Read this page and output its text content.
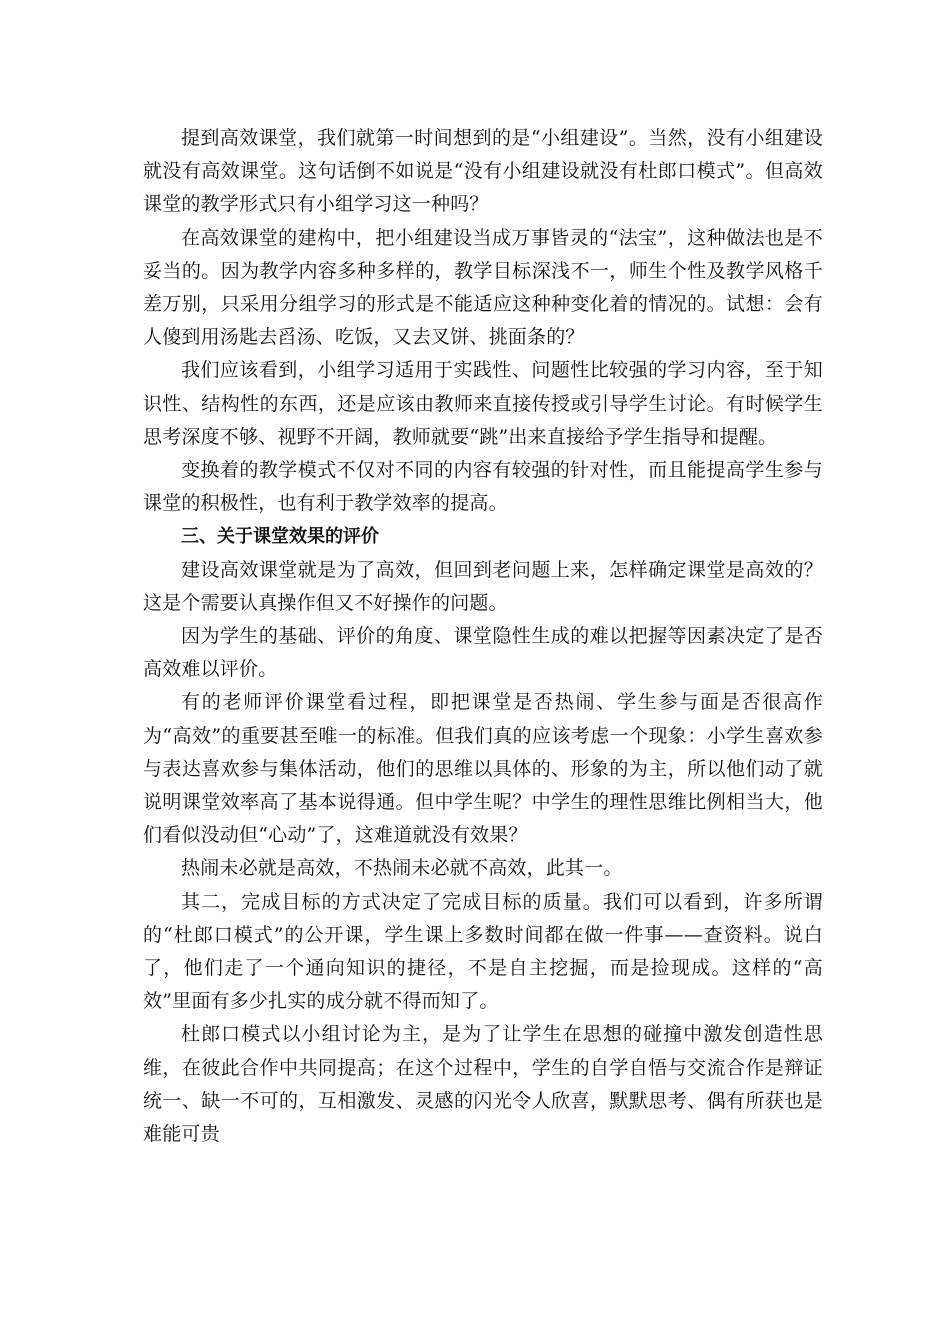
提到高效课堂，我们就第一时间想到的是“小组建设”。当然，没有小组建设就没有高效课堂。这句话倒不如说是“没有小组建设就没有杜郎口模式”。但高效课堂的教学形式只有小组学习这一种吗？

在高效课堂的建构中，把小组建设当成万事皆灵的“法宝”，这种做法也是不妥当的。因为教学内容多种多样的，教学目标深浅不一，师生个性及教学风格千差万别，只采用分组学习的形式是不能适应这种种变化着的情况的。试想：会有人傻到用汤匙去舀汤、吃饭，又去叉饼、挑面条的？

我们应该看到，小组学习适用于实践性、问题性比较强的学习内容，至于知识性、结构性的东西，还是应该由教师来直接传授或引导学生讨论。有时候学生思考深度不够、视野不开阔，教师就要“跳”出来直接给予学生指导和提醒。

变换着的教学模式不仅对不同的内容有较强的针对性，而且能提高学生参与课堂的积极性，也有利于教学效率的提高。

三、关于课堂效果的评价

建设高效课堂就是为了高效，但回到老问题上来，怎样确定课堂是高效的？这是个需要认真操作但又不好操作的问题。

因为学生的基础、评价的角度、课堂隐性生成的难以把握等因素决定了是否高效难以评价。

有的老师评价课堂看过程，即把课堂是否热闹、学生参与面是否很高作为“高效”的重要甚至唯一的标准。但我们真的应该考虑一个现象：小学生喜欢参与表达喜欢参与集体活动，他们的思维以具体的、形象的为主，所以他们动了就说明课堂效率高了基本说得通。但中学生呢？中学生的理性思维比例相当大，他们看似没动但“心动”了，这难道就没有效果？

热闹未必就是高效，不热闹未必就不高效，此其一。

其二，完成目标的方式决定了完成目标的质量。我们可以看到，许多所谓的“杜郎口模式”的公开课，学生课上多数时间都在做一件事——查资料。说白了，他们走了一个通向知识的捷径，不是自主挖掘，而是捡现成。这样的“高效”里面有多少扎实的成分就不得而知了。

杜郎口模式以小组讨论为主，是为了让学生在思想的碰撞中激发创造性思维，在彼此合作中共同提高；在这个过程中，学生的自学自悟与交流合作是辩证统一、缺一不可的，互相激发、灵感的闪光令人欣喜，默默思考、偶有所获也是难能可贵
